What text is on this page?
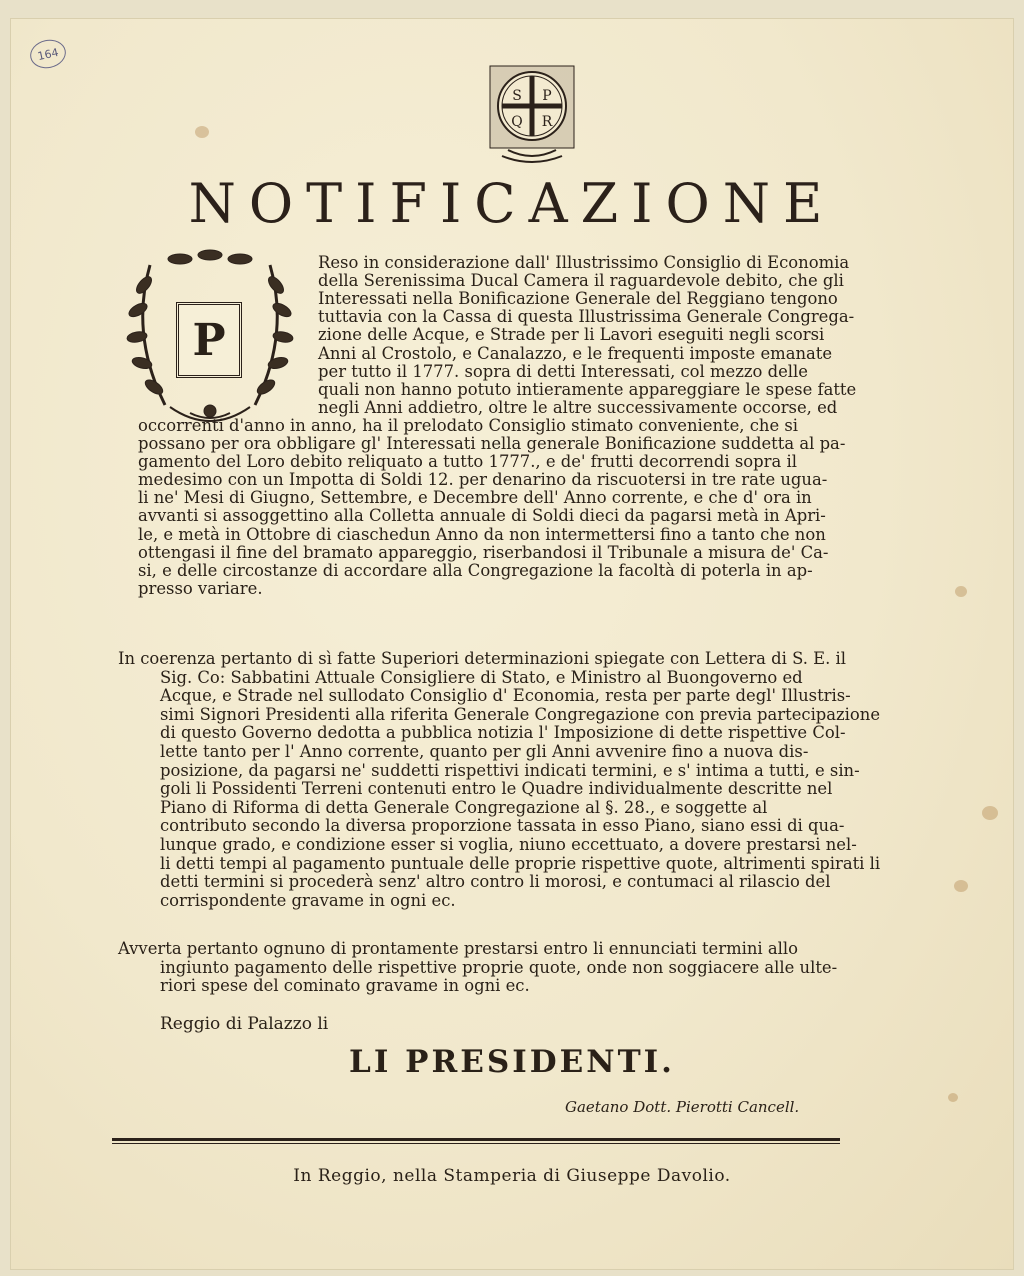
164
S P
Q R
NOTIFICAZIONE
P
Reso in considerazione dall' Illustrissimo Consiglio di Economia
della Serenissima Ducal Camera il raguardevole debito, che gli
Interessati nella Bonificazione Generale del Reggiano tengono
tuttavia con la Cassa di questa Illustrissima Generale Congrega-
zione delle Acque, e Strade per li Lavori eseguiti negli scorsi
Anni al Crostolo, e Canalazzo, e le frequenti imposte emanate
per tutto il 1777. sopra di detti Interessati, col mezzo delle
quali non hanno potuto intieramente appareggiare le spese fatte
negli Anni addietro, oltre le altre successivamente occorse, ed
occorrenti d'anno in anno, ha il prelodato Consiglio stimato conveniente, che si
possano per ora obbligare gl' Interessati nella generale Bonificazione suddetta al pa-
gamento del Loro debito reliquato a tutto 1777., e de' frutti decorrendi sopra il
medesimo con un Impotta di Soldi 12. per denarino da riscuotersi in tre rate ugua-
li ne' Mesi di Giugno, Settembre, e Decembre dell' Anno corrente, e che d' ora in
avvanti si assoggettino alla Colletta annuale di Soldi dieci da pagarsi metà in Apri-
le, e metà in Ottobre di ciaschedun Anno da non intermettersi fino a tanto che non
ottengasi il fine del bramato appareggio, riserbandosi il Tribunale a misura de' Ca-
si, e delle circostanze di accordare alla Congregazione la facoltà di poterla in ap-
presso variare.
In coerenza pertanto di sì fatte Superiori determinazioni spiegate con Lettera di S. E. il
Sig. Co: Sabbatini Attuale Consigliere di Stato, e Ministro al Buongoverno ed
Acque, e Strade nel sullodato Consiglio d' Economia, resta per parte degl' Illustris-
simi Signori Presidenti alla riferita Generale Congregazione con previa partecipazione
di questo Governo dedotta a pubblica notizia l' Imposizione di dette rispettive Col-
lette tanto per l' Anno corrente, quanto per gli Anni avvenire fino a nuova dis-
posizione, da pagarsi ne' suddetti rispettivi indicati termini, e s' intima a tutti, e sin-
goli li Possidenti Terreni contenuti entro le Quadre individualmente descritte nel
Piano di Riforma di detta Generale Congregazione al §. 28., e soggette al
contributo secondo la diversa proporzione tassata in esso Piano, siano essi di qua-
lunque grado, e condizione esser si voglia, niuno eccettuato, a dovere prestarsi nel-
li detti tempi al pagamento puntuale delle proprie rispettive quote, altrimenti spirati li
detti termini si procederà senz' altro contro li morosi, e contumaci al rilascio del
corrispondente gravame in ogni ec.
Avverta pertanto ognuno di prontamente prestarsi entro li ennunciati termini allo
ingiunto pagamento delle rispettive proprie quote, onde non soggiacere alle ulte-
riori spese del cominato gravame in ogni ec.
Reggio di Palazzo li
LI PRESIDENTI.
Gaetano Dott. Pierotti Cancell.
In Reggio, nella Stamperia di Giuseppe Davolio.
